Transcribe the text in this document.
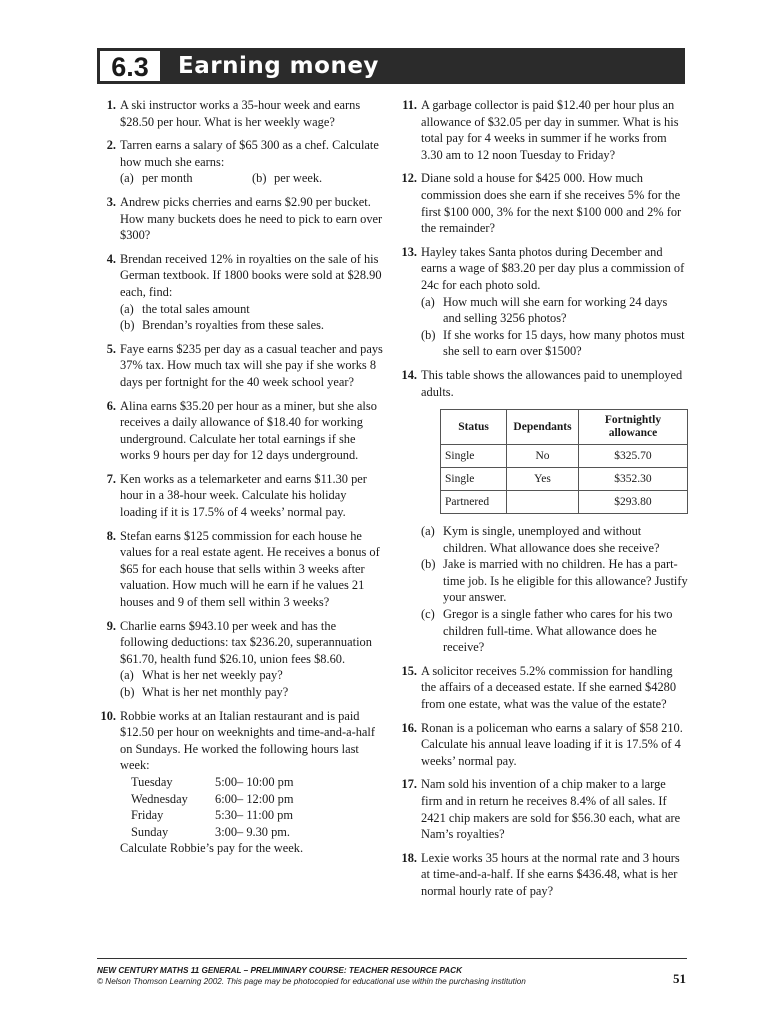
6.3	Earning money
1. A ski instructor works a 35-hour week and earns $28.50 per hour. What is her weekly wage?

2. Tarren earns a salary of $65 300 as a chef. Calculate how much she earns:

(a) per month	(b) per week.
3. Andrew picks cherries and earns $2.90 per bucket. How many buckets does he need to pick to earn over $300?

4. Brendan received 12% in royalties on the sale of his German textbook. If 1800 books were sold at $28.90 each, find:

(a) the total sales amount
(b) Brendan’s royalties from these sales.
5. Faye earns $235 per day as a casual teacher and pays 37% tax. How much tax will she pay if she works 8 days per fortnight for the 40 week school year?

6. Alina earns $35.20 per hour as a miner, but she also receives a daily allowance of $18.40 for working underground. Calculate her total earnings if she works 9 hours per day for 12 days underground.

7. Ken works as a telemarketer and earns $11.30 per hour in a 38-hour week. Calculate his holiday loading if it is 17.5% of 4 weeks’ normal pay.

8. Stefan earns $125 commission for each house he values for a real estate agent. He receives a bonus of $65 for each house that sells within 3 weeks after valuation. How much will he earn if he values 21 houses and 9 of them sell within 3 weeks?

9. Charlie earns $943.10 per week and has the following deductions: tax $236.20, superannuation $61.70, health fund $26.10, union fees $8.60.

(a) What is her net weekly pay?
(b) What is her net monthly pay?
10. Robbie works at an Italian restaurant and is paid $12.50 per hour on weeknights and time-and-a-half on Sundays. He worked the following hours last week:

Tuesday	5:00– 10:00 pm
Wednesday	6:00– 12:00 pm
Friday	5:30– 11:00 pm
Sunday	3:00– 9.30 pm.

Calculate Robbie’s pay for the week.

11. A garbage collector is paid $12.40 per hour plus an allowance of $32.05 per day in summer. What is his total pay for 4 weeks in summer if he works from 3.30 am to 12 noon Tuesday to Friday?

12. Diane sold a house for $425 000. How much commission does she earn if she receives 5% for the first $100 000, 3% for the next $100 000 and 2% for the remainder?

13. Hayley takes Santa photos during December and earns a wage of $83.20 per day plus a commission of 24c for each photo sold.

(a) How much will she earn for working 24 days and selling 3256 photos?
(b) If she works for 15 days, how many photos must she sell to earn over $1500?
14. This table shows the allowances paid to unemployed adults.

Status	Dependants	Fortnightly allowance
Single	No	$325.70
Single	Yes	$352.30
Partnered		$293.80
(a) Kym is single, unemployed and without children. What allowance does she receive?
(b) Jake is married with no children. He has a part-time job. Is he eligible for this allowance? Justify your answer.
(c) Gregor is a single father who cares for his two children full-time. What allowance does he receive?
15. A solicitor receives 5.2% commission for handling the affairs of a deceased estate. If she earned $4280 from one estate, what was the value of the estate?

16. Ronan is a policeman who earns a salary of $58 210. Calculate his annual leave loading if it is 17.5% of 4 weeks’ normal pay.

17. Nam sold his invention of a chip maker to a large firm and in return he receives 8.4% of all sales. If 2421 chip makers are sold for $56.30 each, what are Nam’s royalties?

18. Lexie works 35 hours at the normal rate and 3 hours at time-and-a-half. If she earns $436.48, what is her normal hourly rate of pay?

NEW CENTURY MATHS 11 GENERAL – PRELIMINARY COURSE: TEACHER RESOURCE PACK
© Nelson Thomson Learning 2002. This page may be photocopied for educational use within the purchasing institution	51
